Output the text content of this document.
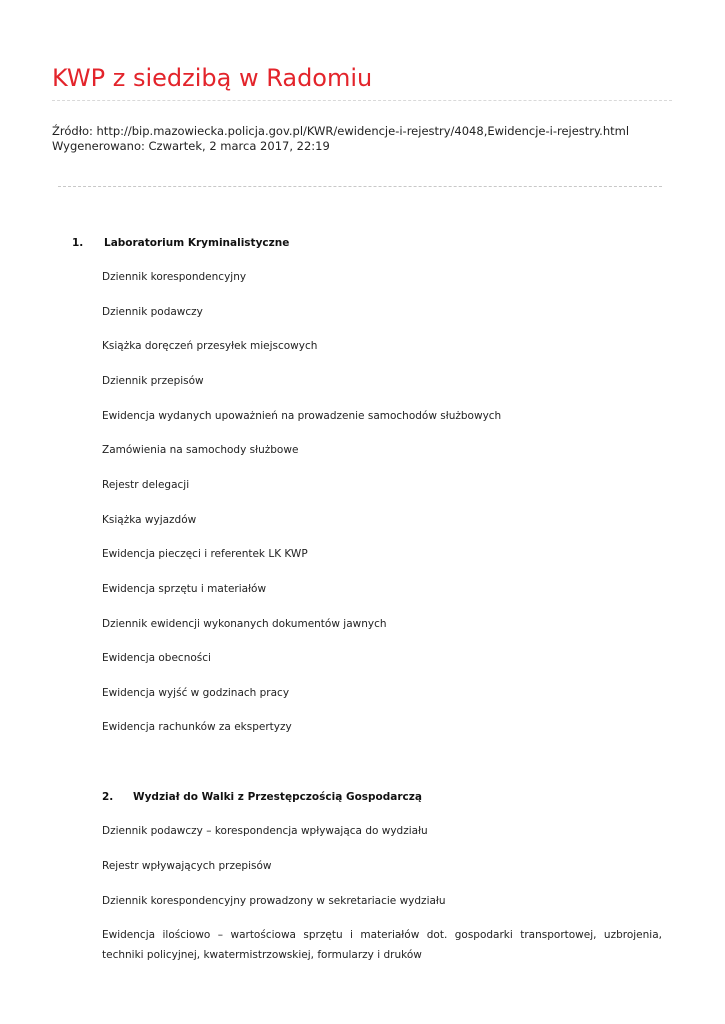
KWP z siedzibą w Radomiu
Źródło: http://bip.mazowiecka.policja.gov.pl/KWR/ewidencje-i-rejestry/4048,Ewidencje-i-rejestry.html
Wygenerowano: Czwartek, 2 marca 2017, 22:19
1. Laboratorium Kryminalistyczne
Dziennik korespondencyjny
Dziennik podawczy
Książka doręczeń przesyłek miejscowych
Dziennik przepisów
Ewidencja wydanych upoważnień na prowadzenie samochodów służbowych
Zamówienia na samochody służbowe
Rejestr delegacji
Książka wyjazdów
Ewidencja pieczęci i referentek LK KWP
Ewidencja sprzętu i materiałów
Dziennik ewidencji wykonanych dokumentów jawnych
Ewidencja obecności
Ewidencja wyjść w godzinach pracy
Ewidencja rachunków za ekspertyzy
2. Wydział do Walki z Przestępczością Gospodarczą
Dziennik podawczy – korespondencja wpływająca do wydziału
Rejestr wpływających przepisów
Dziennik korespondencyjny prowadzony w sekretariacie wydziału
Ewidencja ilościowo – wartościowa sprzętu i materiałów dot. gospodarki transportowej, uzbrojenia, techniki policyjnej, kwatermistrzowskiej, formularzy i druków
